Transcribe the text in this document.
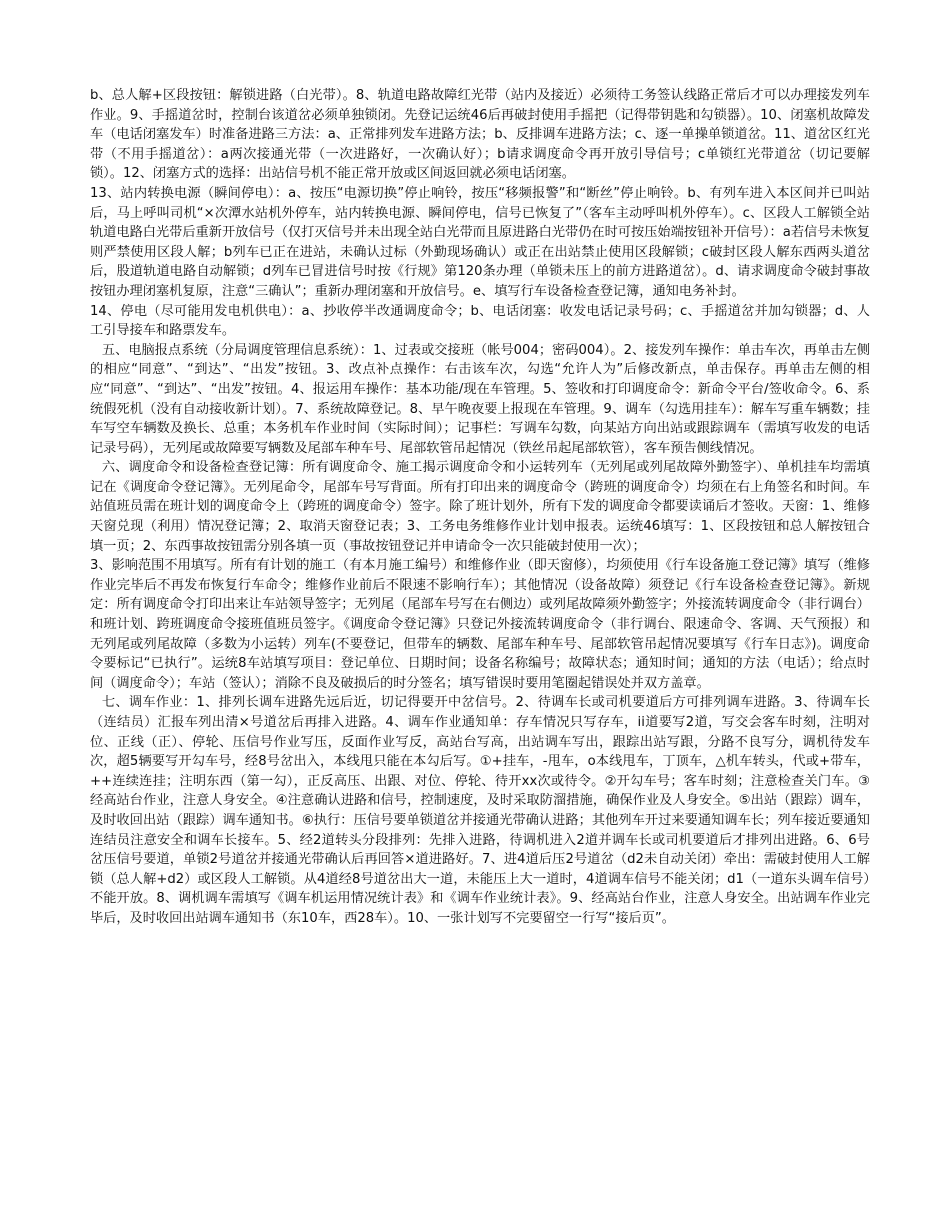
b、总人解+区段按钮：解锁进路（白光带）。8、轨道电路故障红光带（站内及接近）必须待工务签认线路正常后才可以办理接发列车作业。9、手摇道岔时，控制台该道岔必须单独锁闭。先登记运统46后再破封使用手摇把（记得带钥匙和勾锁器）。10、闭塞机故障发车（电话闭塞发车）时准备进路三方法：a、正常排列发车进路方法；b、反排调车进路方法；c、逐一单操单锁道岔。11、道岔区红光带（不用手摇道岔）：a两次接通光带（一次进路好，一次确认好）；b请求调度命令再开放引导信号；c单锁红光带道岔（切记要解锁）。12、闭塞方式的选择：出站信号机不能正常开放或区间返回就必须电话闭塞。

13、站内转换电源（瞬间停电）：a、按压“电源切换”停止响铃，按压“移频报警”和“断丝”停止响铃。b、有列车进入本区间并已叫站后，马上呼叫司机“×次潭水站机外停车，站内转换电源、瞬间停电，信号已恢复了”（客车主动呼叫机外停车）。c、区段人工解锁全站轨道电路白光带后重新开放信号（仅打灭信号并未出现全站白光带而且原进路白光带仍在时可按压始端按钮补开信号）：a若信号未恢复则严禁使用区段人解；b列车已正在进站，未确认过标（外勤现场确认）或正在出站禁止使用区段解锁；c破封区段人解东西两头道岔后，股道轨道电路自动解锁；d列车已冒进信号时按《行规》第120条办理（单锁未压上的前方进路道岔）。d、请求调度命令破封事故按钮办理闭塞机复原，注意“三确认”；重新办理闭塞和开放信号。e、填写行车设备检查登记簿，通知电务补封。

14、停电（尽可能用发电机供电）：a、抄收停半改通调度命令；b、电话闭塞：收发电话记录号码；c、手摇道岔并加勾锁器；d、人工引导接车和路票发车。

五、电脑报点系统（分局调度管理信息系统）：1、过表或交接班（帐号004；密码004）。2、接发列车操作：单击车次，再单击左侧的相应“同意”、“到达”、“出发”按钮。3、改点补点操作：右击该车次，勾选“允许人为”后修改新点，单击保存。再单击左侧的相应“同意”、“到达”、“出发”按钮。4、报运用车操作：基本功能/现在车管理。5、签收和打印调度命令：新命令平台/签收命令。6、系统假死机（没有自动接收新计划）。7、系统故障登记。8、早午晚夜要上报现在车管理。9、调车（勾选用挂车）：解车写重车辆数；挂车写空车辆数及换长、总重；本务机车作业时间（实际时间）；记事栏：写调车勾数，向某站方向出站或跟踪调车（需填写收发的电话记录号码），无列尾或故障要写辆数及尾部车种车号、尾部软管吊起情况（铁丝吊起尾部软管），客车预告侧线情况。

六、调度命令和设备检查登记簿：所有调度命令、施工揭示调度命令和小运转列车（无列尾或列尾故障外勤签字）、单机挂车均需填记在《调度命令登记簿》。无列尾命令，尾部车号写背面。所有打印出来的调度命令（跨班的调度命令）均须在右上角签名和时间。车站值班员需在班计划的调度命令上（跨班的调度命令）签字。除了班计划外，所有下发的调度命令都要读诵后才签收。天窗：1、维修天窗兑现（利用）情况登记簿；2、取消天窗登记表；3、工务电务维修作业计划申报表。运统46填写：1、区段按钮和总人解按钮合填一页；2、东西事故按钮需分别各填一页（事故按钮登记并申请命令一次只能破封使用一次）；

3、影响范围不用填写。所有有计划的施工（有本月施工编号）和维修作业（即天窗修），均须使用《行车设备施工登记簿》填写（维修作业完毕后不再发布恢复行车命令；维修作业前后不限速不影响行车）；其他情况（设备故障）须登记《行车设备检查登记簿》。新规定：所有调度命令打印出来让车站领导签字；无列尾（尾部车号写在右侧边）或列尾故障须外勤签字；外接流转调度命令（非行调台）和班计划、跨班调度命令接班值班员签字。《调度命令登记簿》只登记外接流转调度命令（非行调台、限速命令、客调、天气预报）和无列尾或列尾故障（多数为小运转）列车(不要登记，但带车的辆数、尾部车种车号、尾部软管吊起情况要填写《行车日志》)。调度命令要标记“已执行”。运统8车站填写项目：登记单位、日期时间；设备名称编号；故障状态；通知时间；通知的方法（电话）；给点时间（调度命令）；车站（签认）；消除不良及破损后的时分签名；填写错误时要用笔圈起错误处并双方盖章。

七、调车作业：1、排列长调车进路先远后近，切记得要开中岔信号。2、待调车长或司机要道后方可排列调车进路。3、待调车长（连结员）汇报车列出清×号道岔后再排入进路。4、调车作业通知单：存车情况只写存车，ii道要写2道，写交会客车时刻，注明对位、正线（正）、停轮、压信号作业写压，反面作业写反，高站台写高，出站调车写出，跟踪出站写跟，分路不良写分，调机待发车次，超5辆要写开勾车号，经8号岔出入，本线甩只能在本勾后写。①+挂车，-甩车，o本线甩车，丁顶车，△机车转头，代或+带车，++连续连挂；注明东西（第一勾），正反高压、出跟、对位、停轮、待开xx次或待令。②开勾车号；客车时刻；注意检查关门车。③经高站台作业，注意人身安全。④注意确认进路和信号，控制速度，及时采取防溜措施，确保作业及人身安全。⑤出站（跟踪）调车，及时收回出站（跟踪）调车通知书。⑥执行：压信号要单锁道岔并接通光带确认进路；其他列车开过来要通知调车长；列车接近要通知连结员注意安全和调车长接车。5、经2道转头分段排列：先排入进路，待调机进入2道并调车长或司机要道后才排列出进路。6、6号岔压信号要道，单锁2号道岔并接通光带确认后再回答×道进路好。7、进4道后压2号道岔（d2未自动关闭）牵出：需破封使用人工解锁（总人解+d2）或区段人工解锁。从4道经8号道岔出大一道，未能压上大一道时，4道调车信号不能关闭；d1（一道东头调车信号）不能开放。8、调机调车需填写《调车机运用情况统计表》和《调车作业统计表》。9、经高站台作业，注意人身安全。出站调车作业完毕后，及时收回出站调车通知书（东10车，西28车）。10、一张计划写不完要留空一行写“接后页”。
